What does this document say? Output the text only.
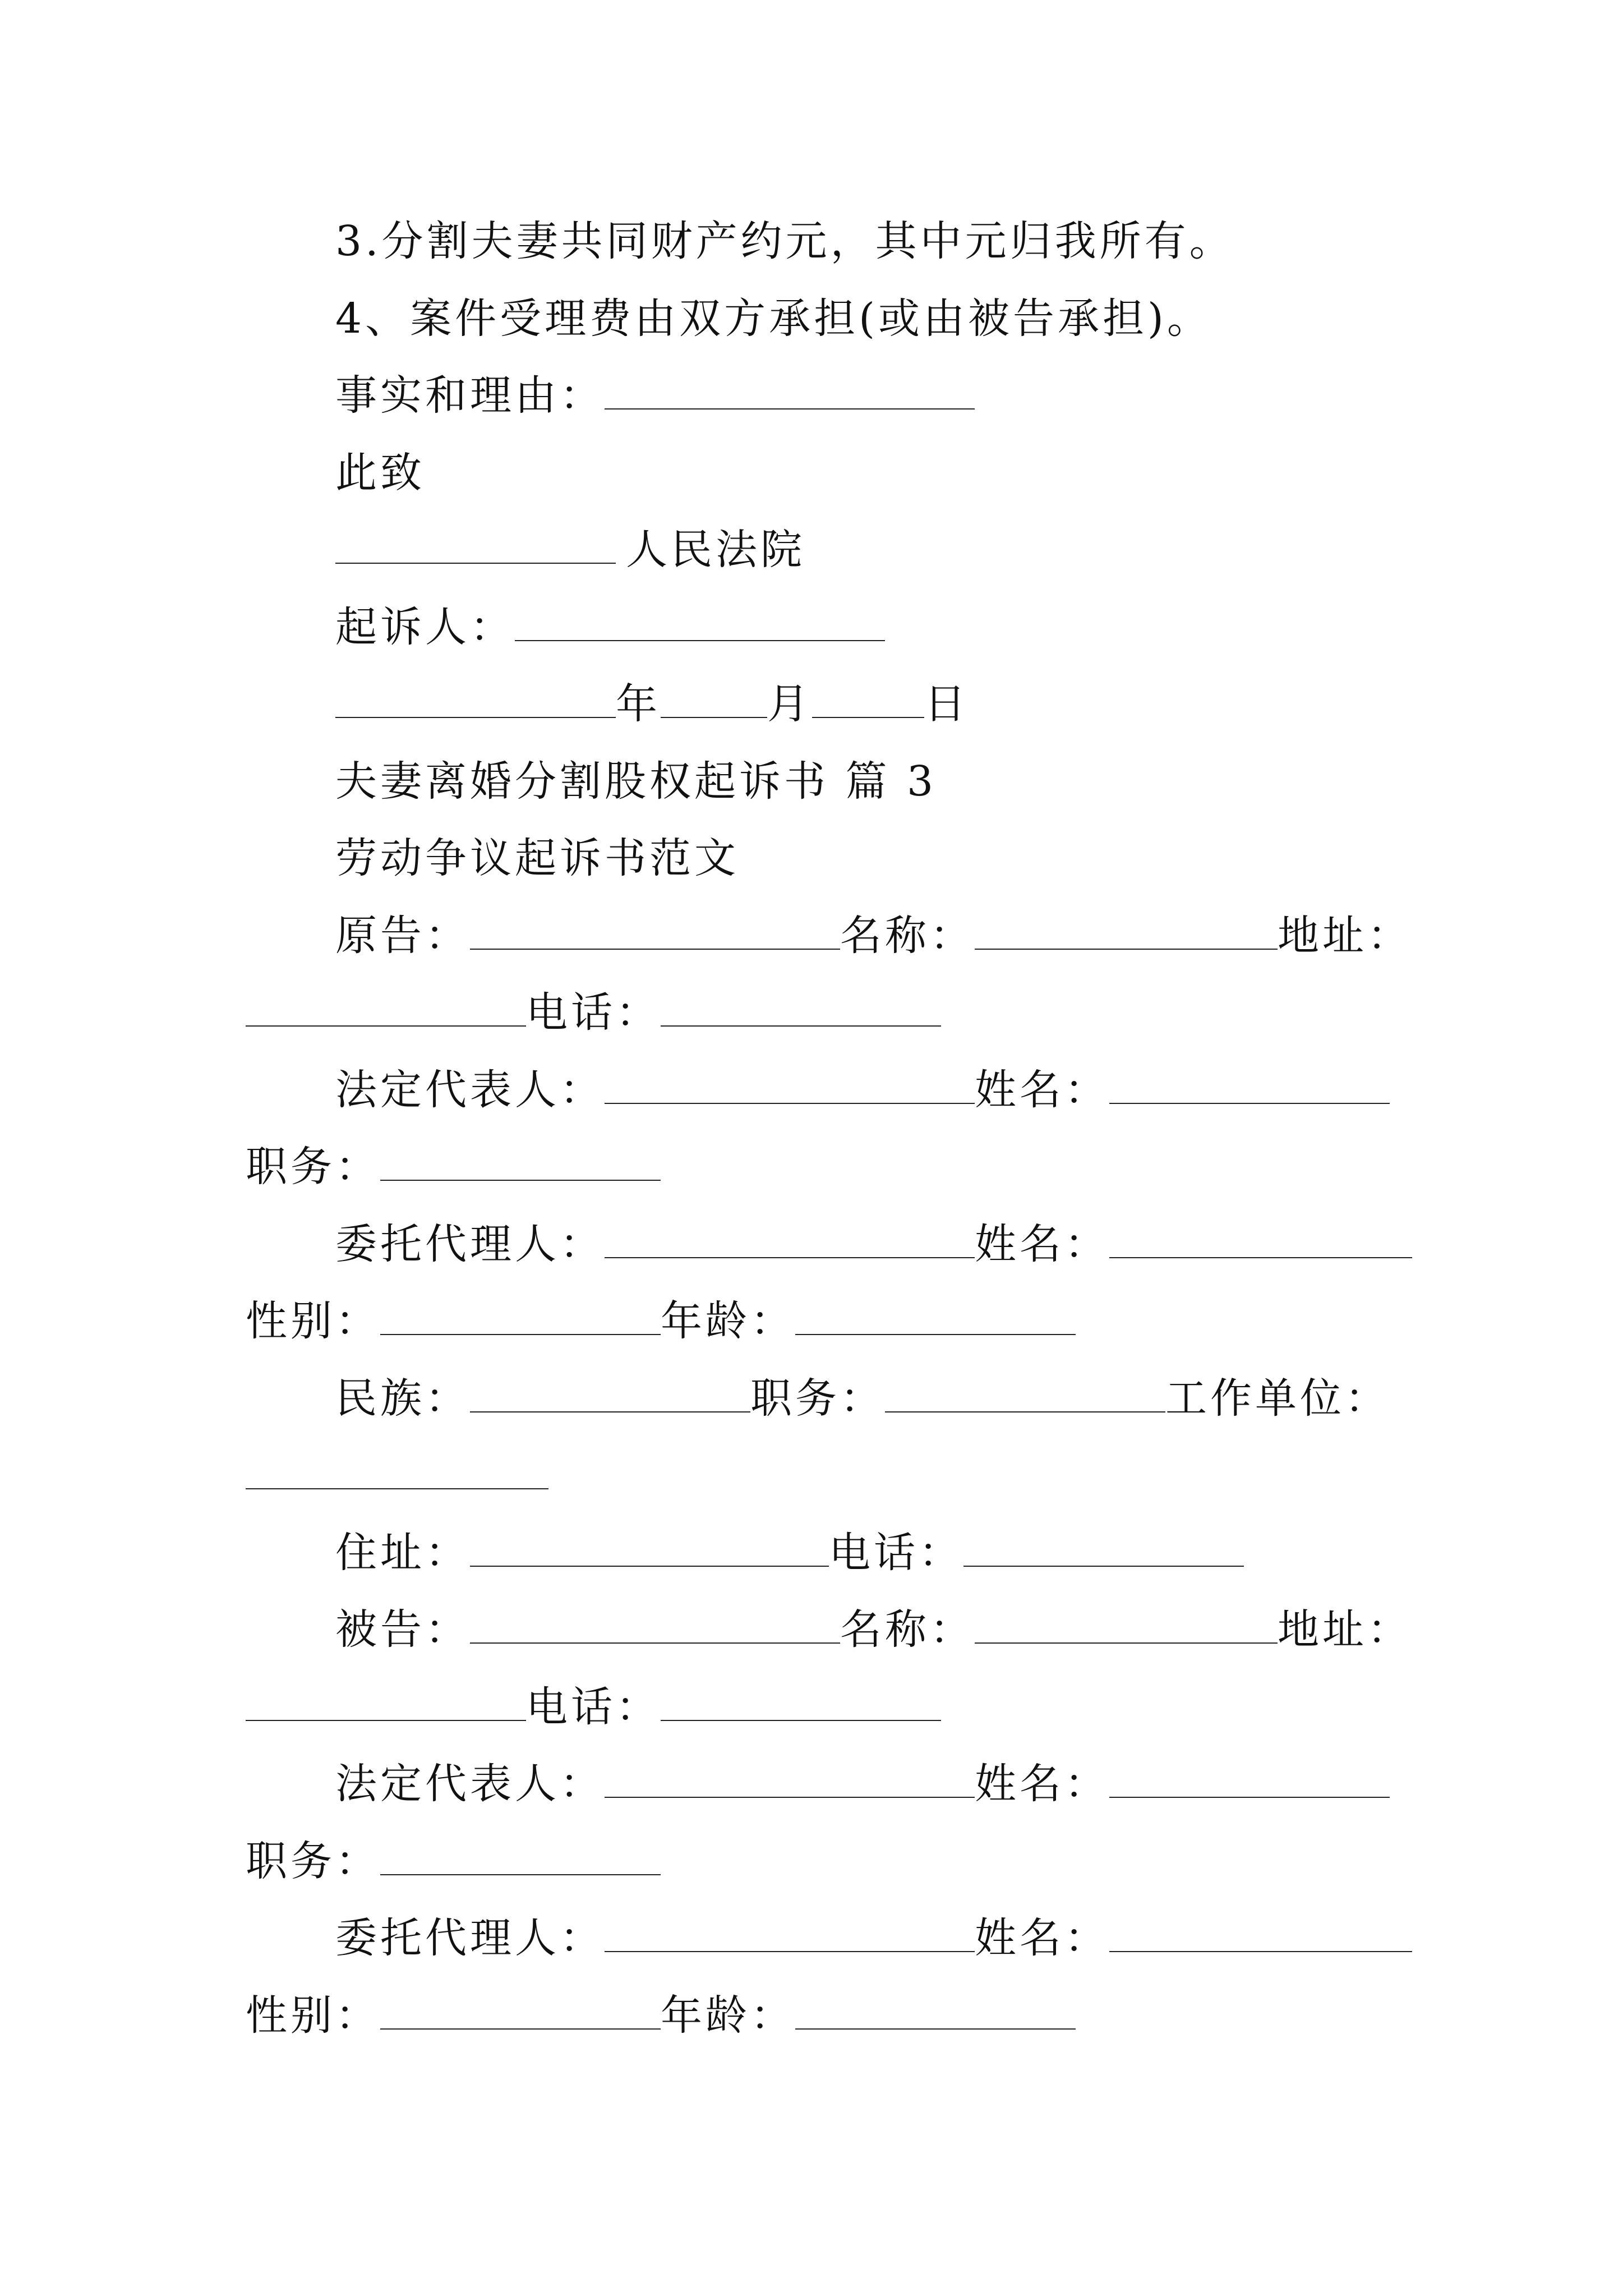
3.分割夫妻共同财产约元，其中元归我所有。
4、案件受理费由双方承担(或由被告承担)。
事实和理由：
此致
人民法院
起诉人：
年	月	日
夫妻离婚分割股权起诉书 篇 3
劳动争议起诉书范文
原告：	名称：	地址：
电话：
法定代表人：	姓名：
职务：
委托代理人：	姓名：
性别：	年龄：
民族：	职务：	工作单位：
住址：	电话：
被告：	名称：	地址：
电话：
法定代表人：	姓名：
职务：
委托代理人：	姓名：
性别：	年龄：
